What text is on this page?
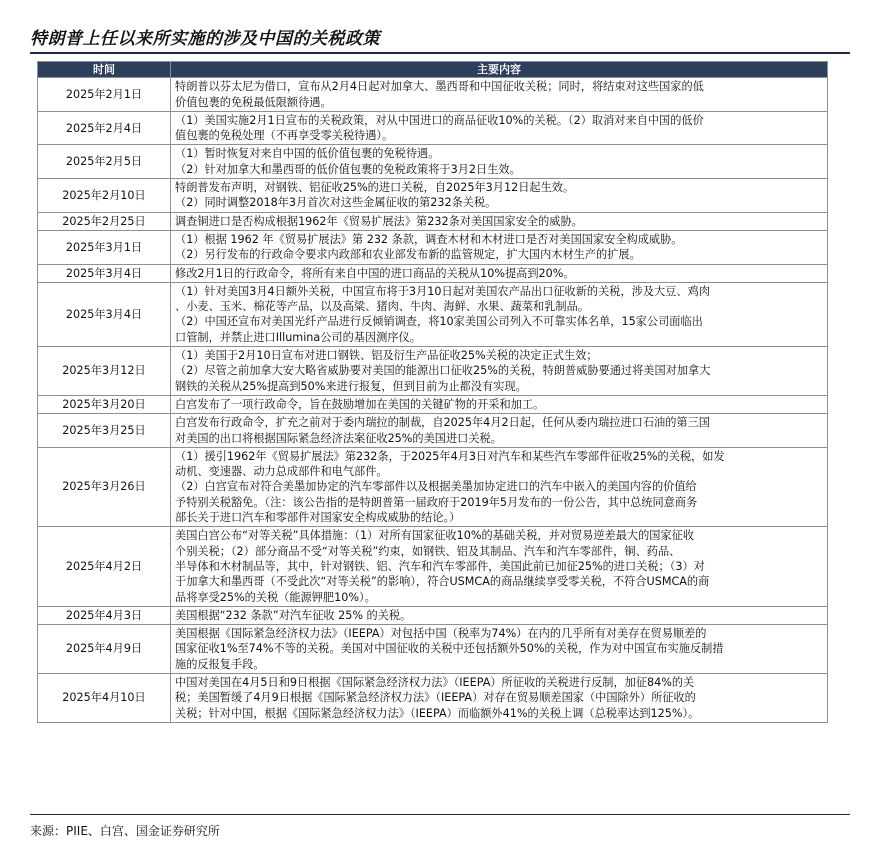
特朗普上任以来所实施的涉及中国的关税政策
时间	主要内容
2025年2月1日	特朗普以芬太尼为借口，宣布从2月4日起对加拿大、墨西哥和中国征收关税；同时，将结束对这些国家的低
价值包裹的免税最低限额待遇。

2025年2月4日	（1）美国实施2月1日宣布的关税政策，对从中国进口的商品征收10%的关税。（2）取消对来自中国的低价
值包裹的免税处理（不再享受零关税待遇）。

2025年2月5日	（1）暂时恢复对来自中国的低价值包裹的免税待遇。
（2）针对加拿大和墨西哥的低价值包裹的免税政策将于3月2日生效。

2025年2月10日	特朗普发布声明，对钢铁、铝征收25%的进口关税，自2025年3月12日起生效。
（2）同时调整2018年3月首次对这些金属征收的第232条关税。

2025年2月25日	调查铜进口是否构成根据1962年《贸易扩展法》第232条对美国国家安全的威胁。

2025年3月1日	（1）根据 1962 年《贸易扩展法》第 232 条款，调查木材和木材进口是否对美国国家安全构成威胁。
（2）另行发布的行政命令要求内政部和农业部发布新的监管规定，扩大国内木材生产的扩展。

2025年3月4日	修改2月1日的行政命令，将所有来自中国的进口商品的关税从10%提高到20%。

2025年3月4日	（1）针对美国3月4日额外关税，中国宣布将于3月10日起对美国农产品出口征收新的关税，涉及大豆、鸡肉
、小麦、玉米、棉花等产品，以及高粱、猪肉、牛肉、海鲜、水果、蔬菜和乳制品。
（2）中国还宣布对美国光纤产品进行反倾销调查，将10家美国公司列入不可靠实体名单，15家公司面临出
口管制，并禁止进口Illumina公司的基因测序仪。

2025年3月12日	（1）美国于2月10日宣布对进口钢铁、铝及衍生产品征收25%关税的决定正式生效；
（2）尽管之前加拿大安大略省威胁要对美国的能源出口征收25%的关税，特朗普威胁要通过将美国对加拿大
钢铁的关税从25%提高到50%来进行报复，但到目前为止都没有实现。

2025年3月20日	白宫发布了一项行政命令，旨在鼓励增加在美国的关键矿物的开采和加工。

2025年3月25日	白宫发布行政命令，扩充之前对于委内瑞拉的制裁，自2025年4月2日起，任何从委内瑞拉进口石油的第三国
对美国的出口将根据国际紧急经济法案征收25%的美国进口关税。

2025年3月26日	（1）援引1962年《贸易扩展法》第232条，于2025年4月3日对汽车和某些汽车零部件征收25%的关税，如发
动机、变速器、动力总成部件和电气部件。
（2）白宫宣布对符合美墨加协定的汽车零部件以及根据美墨加协定进口的汽车中嵌入的美国内容的价值给
予特别关税豁免。（注：该公告指的是特朗普第一届政府于2019年5月发布的一份公告，其中总统同意商务
部长关于进口汽车和零部件对国家安全构成威胁的结论。）

2025年4月2日	美国白宫公布“对等关税”具体措施：（1）对所有国家征收10%的基础关税，并对贸易逆差最大的国家征收
个别关税；（2）部分商品不受“对等关税”约束，如钢铁、铝及其制品、汽车和汽车零部件，铜、药品、
半导体和木材制品等，其中，针对钢铁、铝、汽车和汽车零部件，美国此前已加征25%的进口关税；（3）对
于加拿大和墨西哥（不受此次“对等关税”的影响），符合USMCA的商品继续享受零关税，不符合USMCA的商
品将享受25%的关税（能源钾肥10%）。

2025年4月3日	美国根据“232 条款”对汽车征收 25% 的关税。

2025年4月9日	美国根据《国际紧急经济权力法》（IEEPA）对包括中国（税率为74%）在内的几乎所有对美存在贸易顺差的
国家征收1%至74%不等的关税。美国对中国征收的关税中还包括额外50%的关税，作为对中国宣布实施反制措
施的反报复手段。

2025年4月10日	中国对美国在4月5日和9日根据《国际紧急经济权力法》（IEEPA）所征收的关税进行反制，加征84%的关
税；美国暂缓了4月9日根据《国际紧急经济权力法》（IEEPA）对存在贸易顺差国家（中国除外）所征收的
关税；针对中国，根据《国际紧急经济权力法》（IEEPA）而临额外41%的关税上调（总税率达到125%）。
来源：PIIE、白宫、国金证券研究所
